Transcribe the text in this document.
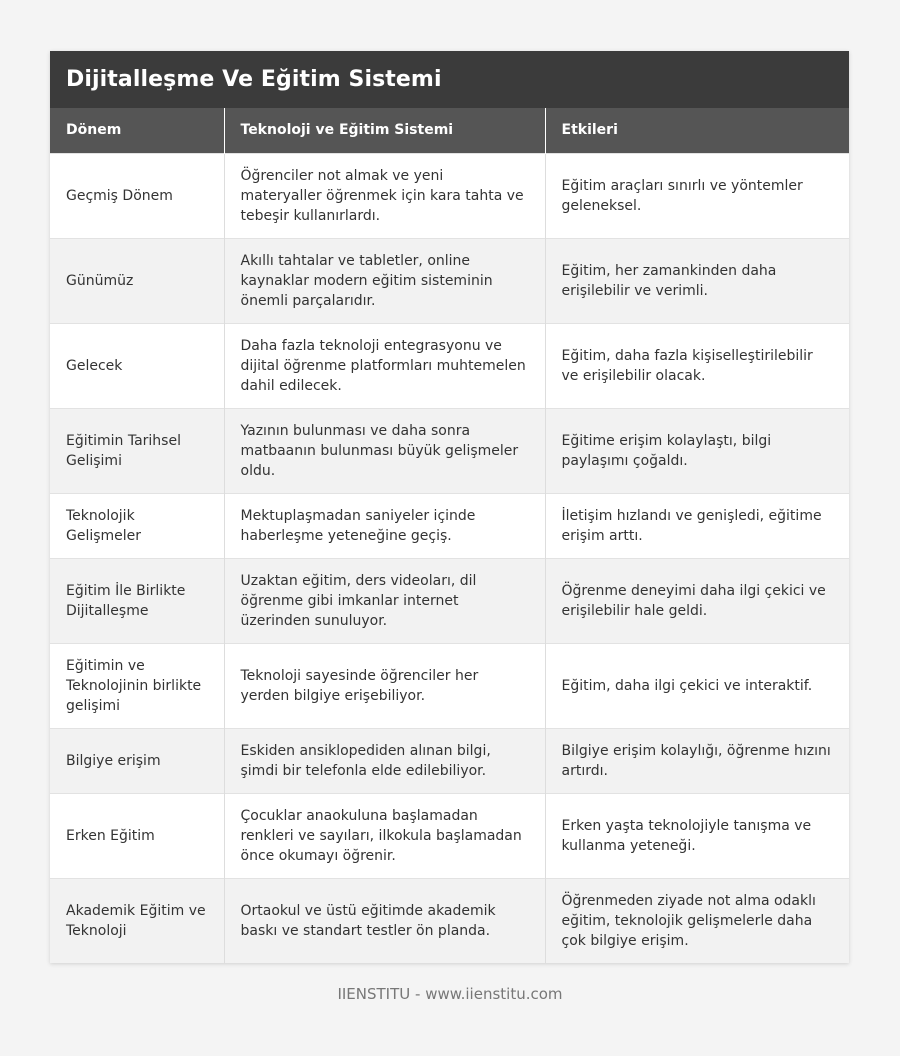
Dijitalleşme Ve Eğitim Sistemi
Dönem	Teknoloji ve Eğitim Sistemi	Etkileri
Geçmiş Dönem	Öğrenciler not almak ve yeni materyaller öğrenmek için kara tahta ve tebeşir kullanırlardı.	Eğitim araçları sınırlı ve yöntemler geleneksel.
Günümüz	Akıllı tahtalar ve tabletler, online kaynaklar modern eğitim sisteminin önemli parçalarıdır.	Eğitim, her zamankinden daha erişilebilir ve verimli.
Gelecek	Daha fazla teknoloji entegrasyonu ve dijital öğrenme platformları muhtemelen dahil edilecek.	Eğitim, daha fazla kişiselleştirilebilir ve erişilebilir olacak.
Eğitimin Tarihsel Gelişimi	Yazının bulunması ve daha sonra matbaanın bulunması büyük gelişmeler oldu.	Eğitime erişim kolaylaştı, bilgi paylaşımı çoğaldı.
Teknolojik Gelişmeler	Mektuplaşmadan saniyeler içinde haberleşme yeteneğine geçiş.	İletişim hızlandı ve genişledi, eğitime erişim arttı.
Eğitim İle Birlikte Dijitalleşme	Uzaktan eğitim, ders videoları, dil öğrenme gibi imkanlar internet üzerinden sunuluyor.	Öğrenme deneyimi daha ilgi çekici ve erişilebilir hale geldi.
Eğitimin ve Teknolojinin birlikte gelişimi	Teknoloji sayesinde öğrenciler her yerden bilgiye erişebiliyor.	Eğitim, daha ilgi çekici ve interaktif.
Bilgiye erişim	Eskiden ansiklopediden alınan bilgi, şimdi bir telefonla elde edilebiliyor.	Bilgiye erişim kolaylığı, öğrenme hızını artırdı.
Erken Eğitim	Çocuklar anaokuluna başlamadan renkleri ve sayıları, ilkokula başlamadan önce okumayı öğrenir.	Erken yaşta teknolojiyle tanışma ve kullanma yeteneği.
Akademik Eğitim ve Teknoloji	Ortaokul ve üstü eğitimde akademik baskı ve standart testler ön planda.	Öğrenmeden ziyade not alma odaklı eğitim, teknolojik gelişmelerle daha çok bilgiye erişim.
IIENSTITU - www.iienstitu.com
